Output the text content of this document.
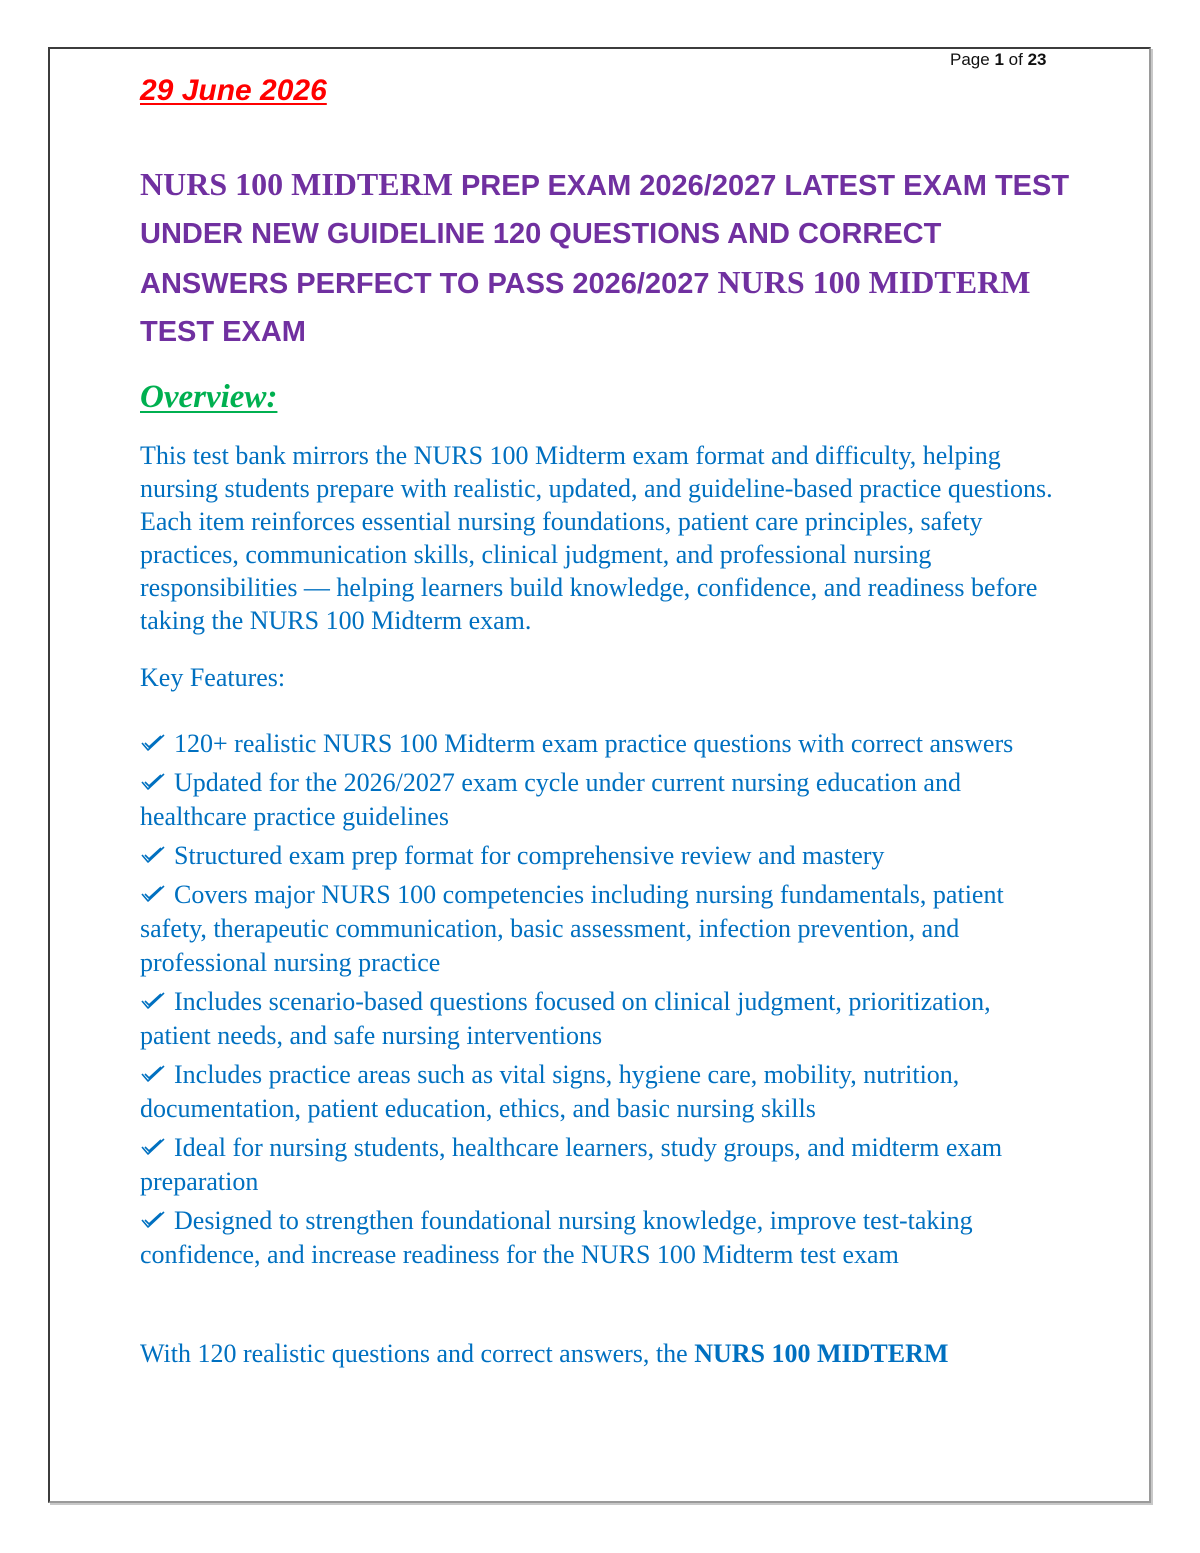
Page 1 of 23
29 June 2026
NURS 100 MIDTERM PREP EXAM 2026/2027 LATEST EXAM TEST UNDER NEW GUIDELINE 120 QUESTIONS AND CORRECT ANSWERS PERFECT TO PASS 2026/2027 NURS 100 MIDTERM TEST EXAM
Overview:

This test bank mirrors the NURS 100 Midterm exam format and difficulty, helping nursing students prepare with realistic, updated, and guideline-based practice questions. Each item reinforces essential nursing foundations, patient care principles, safety practices, communication skills, clinical judgment, and professional nursing responsibilities — helping learners build knowledge, confidence, and readiness before taking the NURS 100 Midterm exam.

Key Features:

120+ realistic NURS 100 Midterm exam practice questions with correct answers
Updated for the 2026/2027 exam cycle under current nursing education and healthcare practice guidelines
Structured exam prep format for comprehensive review and mastery
Covers major NURS 100 competencies including nursing fundamentals, patient safety, therapeutic communication, basic assessment, infection prevention, and professional nursing practice
Includes scenario-based questions focused on clinical judgment, prioritization, patient needs, and safe nursing interventions
Includes practice areas such as vital signs, hygiene care, mobility, nutrition, documentation, patient education, ethics, and basic nursing skills
Ideal for nursing students, healthcare learners, study groups, and midterm exam preparation
Designed to strengthen foundational nursing knowledge, improve test-taking confidence, and increase readiness for the NURS 100 Midterm test exam

With 120 realistic questions and correct answers, the NURS 100 MIDTERM
